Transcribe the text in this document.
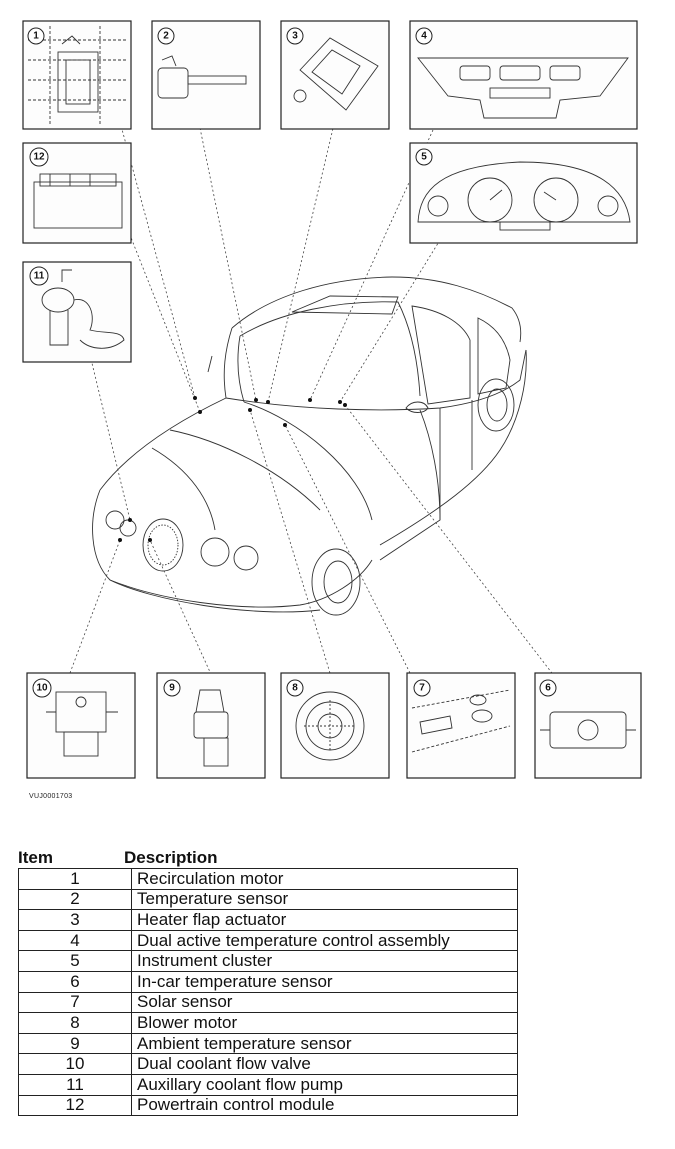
1	2	3	4
5
12
11
10	9	8	7	6
VUJ0001703
Item	Description
1	Recirculation motor
2	Temperature sensor
3	Heater flap actuator
4	Dual active temperature control assembly
5	Instrument cluster
6	In-car temperature sensor
7	Solar sensor
8	Blower motor
9	Ambient temperature sensor
10	Dual coolant flow valve
11	Auxillary coolant flow pump
12	Powertrain control module
